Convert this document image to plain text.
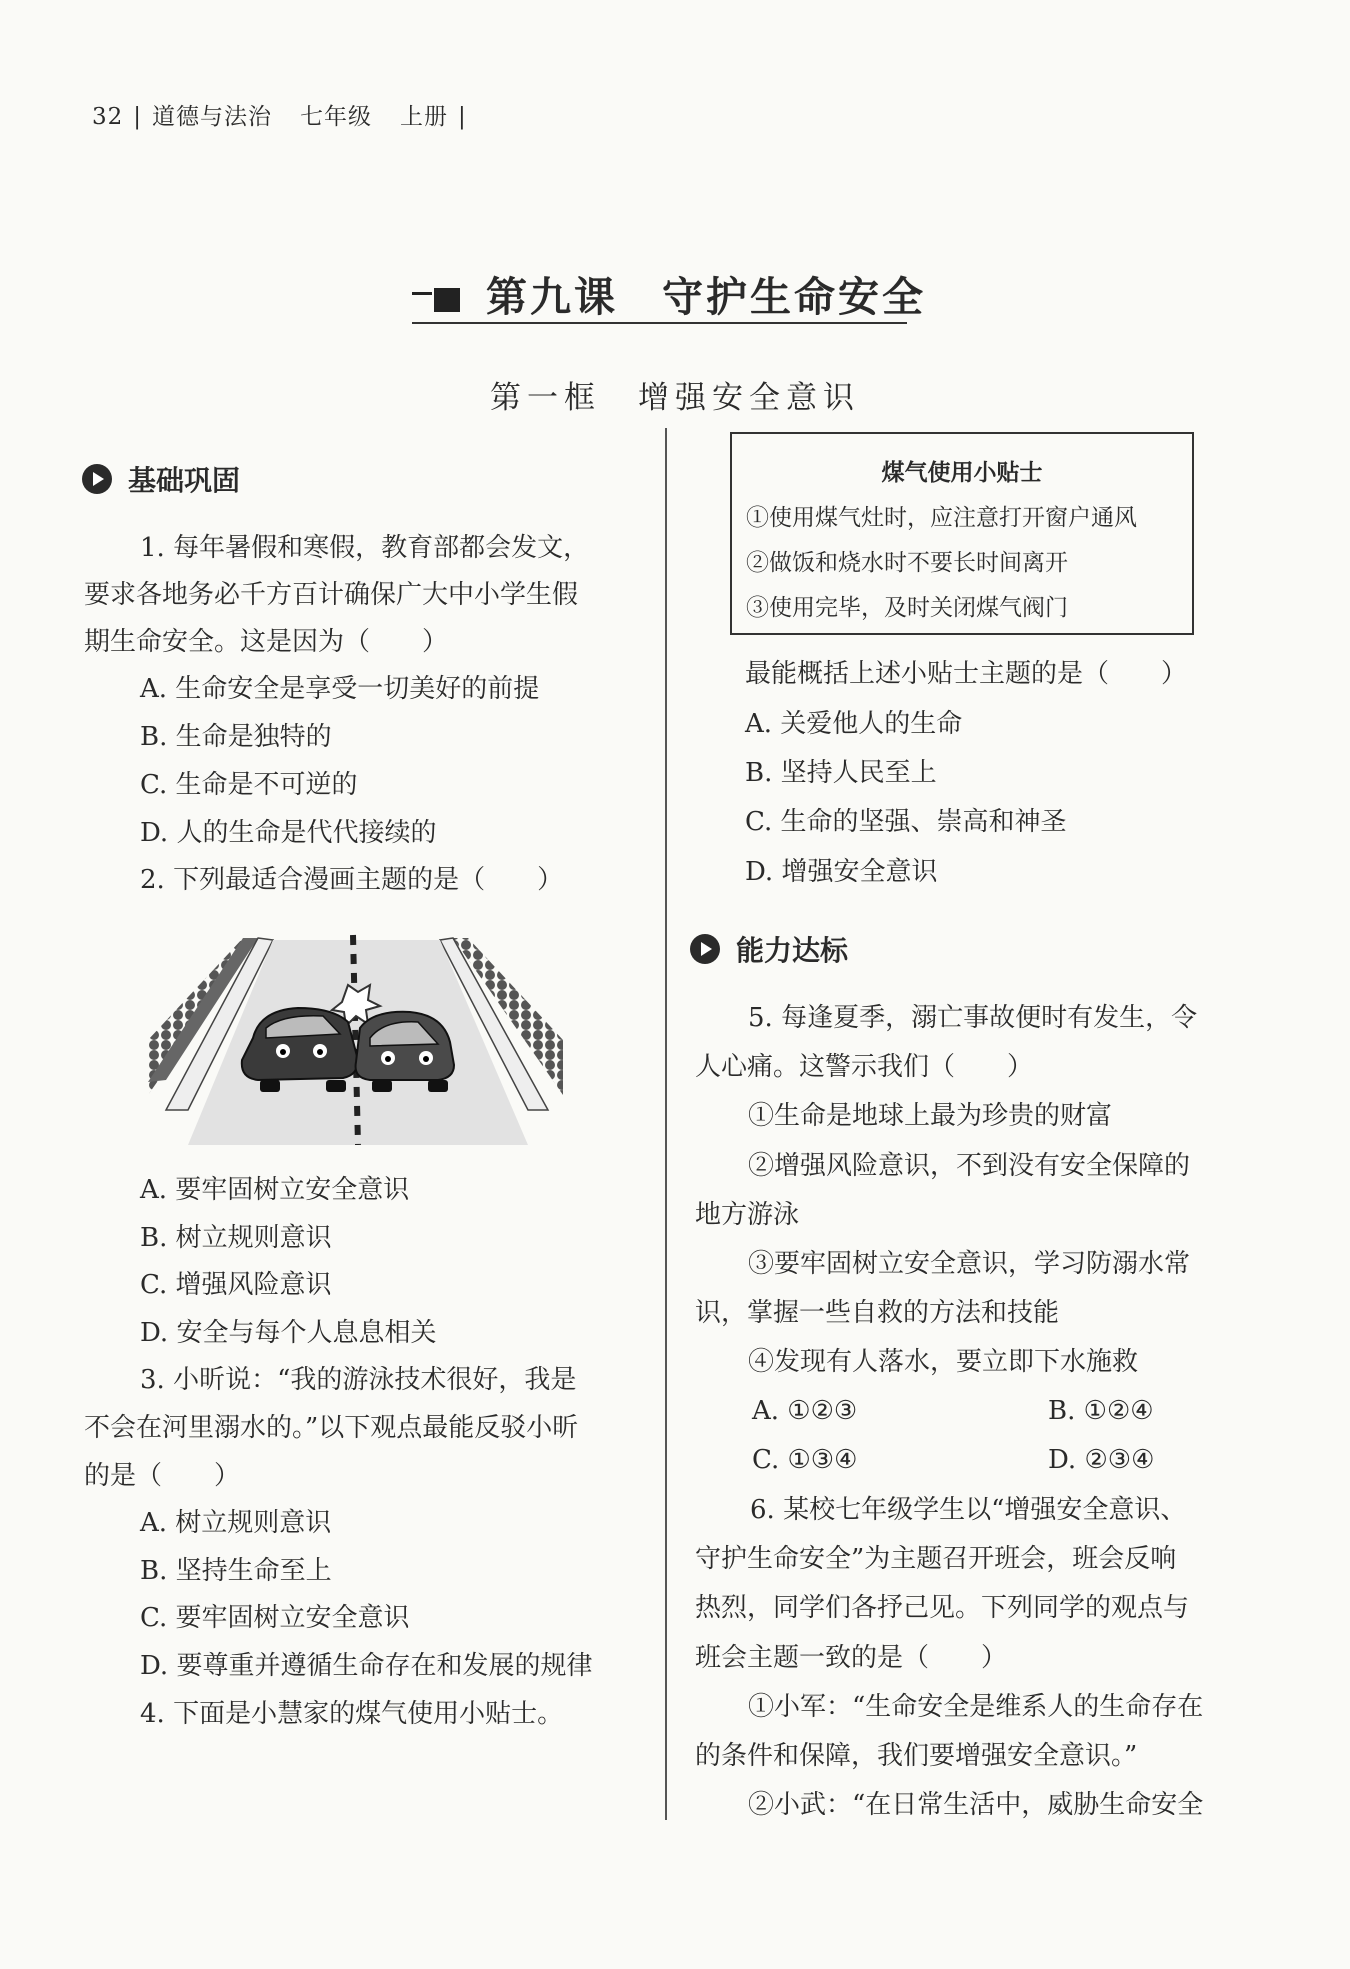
32 | 道德与法治 七年级 上册 |
第九课　守护生命安全
第一框　增强安全意识
基础巩固
1. 每年暑假和寒假，教育部都会发文，
要求各地务必千方百计确保广大中小学生假
期生命安全。这是因为（　　）
A. 生命安全是享受一切美好的前提
B. 生命是独特的
C. 生命是不可逆的
D. 人的生命是代代接续的
2. 下列最适合漫画主题的是（　　）
A. 要牢固树立安全意识
B. 树立规则意识
C. 增强风险意识
D. 安全与每个人息息相关
3. 小昕说：“我的游泳技术很好，我是
不会在河里溺水的。”以下观点最能反驳小昕
的是（　　）
A. 树立规则意识
B. 坚持生命至上
C. 要牢固树立安全意识
D. 要尊重并遵循生命存在和发展的规律
4. 下面是小慧家的煤气使用小贴士。
煤气使用小贴士
①使用煤气灶时，应注意打开窗户通风
②做饭和烧水时不要长时间离开
③使用完毕，及时关闭煤气阀门
最能概括上述小贴士主题的是（　　）
A. 关爱他人的生命
B. 坚持人民至上
C. 生命的坚强、崇高和神圣
D. 增强安全意识
能力达标
5. 每逢夏季，溺亡事故便时有发生，令
人心痛。这警示我们（　　）
①生命是地球上最为珍贵的财富
②增强风险意识，不到没有安全保障的
地方游泳
③要牢固树立安全意识，学习防溺水常
识，掌握一些自救的方法和技能
④发现有人落水，要立即下水施救
A. ①②③	B. ①②④
C. ①③④	D. ②③④
6. 某校七年级学生以“增强安全意识、
守护生命安全”为主题召开班会，班会反响
热烈，同学们各抒己见。下列同学的观点与
班会主题一致的是（　　）
①小军：“生命安全是维系人的生命存在
的条件和保障，我们要增强安全意识。”
②小武：“在日常生活中，威胁生命安全
